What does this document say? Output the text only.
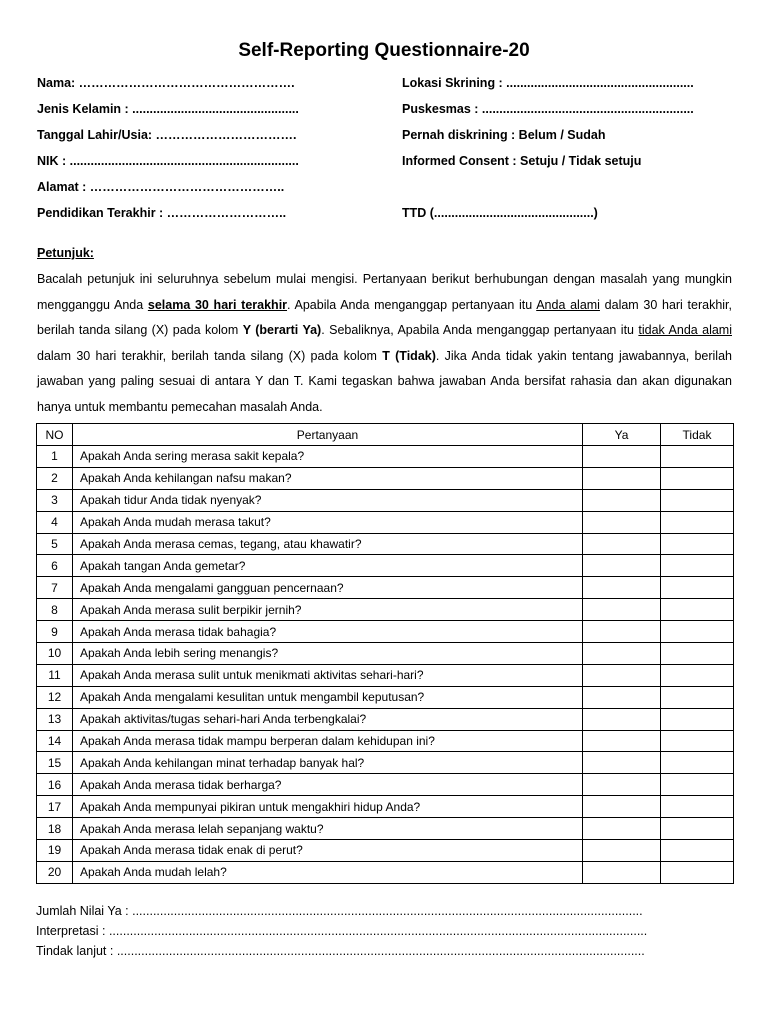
Self-Reporting Questionnaire-20
Nama: …………………………………………….
Jenis Kelamin : ................................................
Tanggal Lahir/Usia: …………………………….
NIK : ..................................................................
Alamat : ………………………………………..
Pendidikan Terakhir : ………………………..
Lokasi Skrining : ......................................................
Puskesmas : .............................................................
Pernah diskrining : Belum / Sudah
Informed Consent : Setuju / Tidak setuju
TTD (..............................................)
Petunjuk:
Bacalah petunjuk ini seluruhnya sebelum mulai mengisi. Pertanyaan berikut berhubungan dengan masalah yang mungkin mengganggu Anda selama 30 hari terakhir. Apabila Anda menganggap pertanyaan itu Anda alami dalam 30 hari terakhir, berilah tanda silang (X) pada kolom Y (berarti Ya). Sebaliknya, Apabila Anda menganggap pertanyaan itu tidak Anda alami dalam 30 hari terakhir, berilah tanda silang (X) pada kolom T (Tidak). Jika Anda tidak yakin tentang jawabannya, berilah jawaban yang paling sesuai di antara Y dan T. Kami tegaskan bahwa jawaban Anda bersifat rahasia dan akan digunakan hanya untuk membantu pemecahan masalah Anda.
NO	Pertanyaan	Ya	Tidak
1	Apakah Anda sering merasa sakit kepala?		
2	Apakah Anda kehilangan nafsu makan?		
3	Apakah tidur Anda tidak nyenyak?		
4	Apakah Anda mudah merasa takut?		
5	Apakah Anda merasa cemas, tegang, atau khawatir?		
6	Apakah tangan Anda gemetar?		
7	Apakah Anda mengalami gangguan pencernaan?		
8	Apakah Anda merasa sulit berpikir jernih?		
9	Apakah Anda merasa tidak bahagia?		
10	Apakah Anda lebih sering menangis?		
11	Apakah Anda merasa sulit untuk menikmati aktivitas sehari-hari?		
12	Apakah Anda mengalami kesulitan untuk mengambil keputusan?		
13	Apakah aktivitas/tugas sehari-hari Anda terbengkalai?		
14	Apakah Anda merasa tidak mampu berperan dalam kehidupan ini?		
15	Apakah Anda kehilangan minat terhadap banyak hal?		
16	Apakah Anda merasa tidak berharga?		
17	Apakah Anda mempunyai pikiran untuk mengakhiri hidup Anda?		
18	Apakah Anda merasa lelah sepanjang waktu?		
19	Apakah Anda merasa tidak enak di perut?		
20	Apakah Anda mudah lelah?		
Jumlah Nilai Ya : ...................................................................................................................................................
Interpretasi : ...........................................................................................................................................................
Tindak lanjut : ........................................................................................................................................................
